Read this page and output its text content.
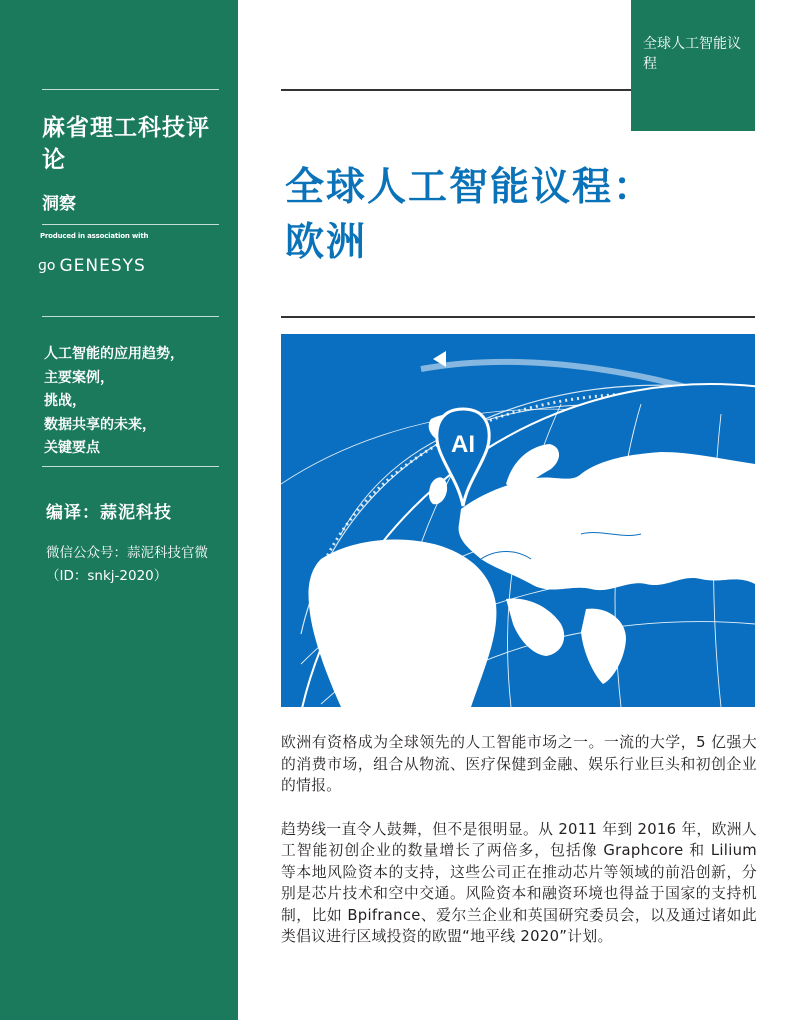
麻省理工科技评论
洞察
Produced in association with
ɡo GENESYS
人工智能的应用趋势，
主要案例，
挑战，
数据共享的未来，
关键要点
编译：蒜泥科技
微信公众号：蒜泥科技官微
（ID：snkj-2020）
全球人工智能议程
全球人工智能议程：
欧洲
AI

欧洲有资格成为全球领先的人工智能市场之一。一流的大学，5 亿强大的消费市场，组合从物流、医疗保健到金融、娱乐行业巨头和初创企业的情报。

趋势线一直令人鼓舞，但不是很明显。从 2011 年到 2016 年，欧洲人工智能初创企业的数量增长了两倍多，包括像 Graphcore 和 Lilium 等本地风险资本的支持，这些公司正在推动芯片等领域的前沿创新，分别是芯片技术和空中交通。风险资本和融资环境也得益于国家的支持机制，比如 Bpifrance、爱尔兰企业和英国研究委员会，以及通过诸如此类倡议进行区域投资的欧盟“地平线 2020”计划。
